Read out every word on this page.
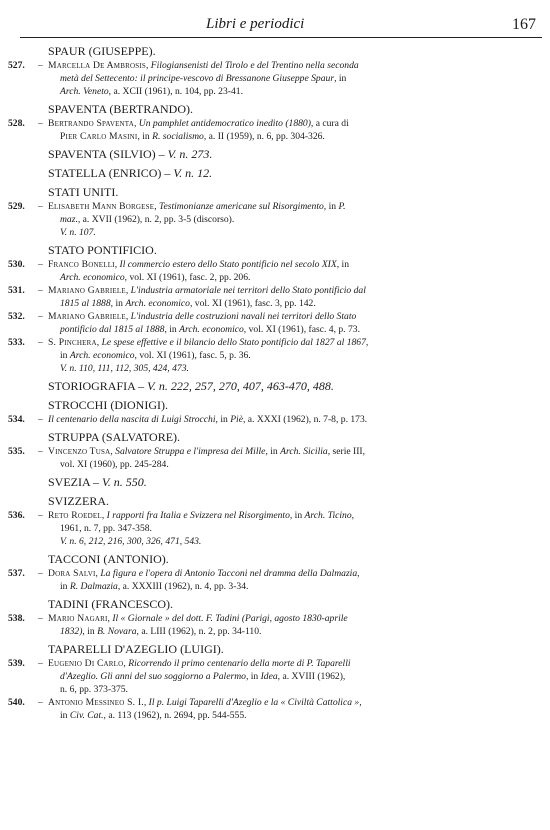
Libri e periodici	167
SPAUR (GIUSEPPE).
527. – Marcella De Ambrosis, Filogiansenisti del Tirolo e del Trentino nella seconda
metà del Settecento: il principe-vescovo di Bressanone Giuseppe Spaur, in
Arch. Veneto, a. XCII (1961), n. 104, pp. 23-41.
SPAVENTA (BERTRANDO).
528. – Bertrando Spaventa, Un pamphlet antidemocratico inedito (1880), a cura di
Pier Carlo Masini, in R. socialismo, a. II (1959), n. 6, pp. 304-326.
SPAVENTA (SILVIO) – V. n. 273.
STATELLA (ENRICO) – V. n. 12.
STATI UNITI.
529. – Elisabeth Mann Borgese, Testimonianze americane sul Risorgimento, in P.
maz., a. XVII (1962), n. 2, pp. 3-5 (discorso).
V. n. 107.
STATO PONTIFICIO.
530. – Franco Bonelli, Il commercio estero dello Stato pontificio nel secolo XIX, in
Arch. economico, vol. XI (1961), fasc. 2, pp. 206.
531. – Mariano Gabriele, L'industria armatoriale nei territori dello Stato pontificio dal
1815 al 1888, in Arch. economico, vol. XI (1961), fasc. 3, pp. 142.
532. – Mariano Gabriele, L'industria delle costruzioni navali nei territori dello Stato
pontificio dal 1815 al 1888, in Arch. economico, vol. XI (1961), fasc. 4, p. 73.
533. – S. Pinchera, Le spese effettive e il bilancio dello Stato pontificio dal 1827 al 1867,
in Arch. economico, vol. XI (1961), fasc. 5, p. 36.
V. n. 110, 111, 112, 305, 424, 473.
STORIOGRAFIA – V. n. 222, 257, 270, 407, 463-470, 488.
STROCCHI (DIONIGI).
534. – Il centenario della nascita di Luigi Strocchi, in Piè, a. XXXI (1962), n. 7-8, p. 173.
STRUPPA (SALVATORE).
535. – Vincenzo Tusa, Salvatore Struppa e l'impresa dei Mille, in Arch. Sicilia, serie III,
vol. XI (1960), pp. 245-284.
SVEZIA – V. n. 550.
SVIZZERA.
536. – Reto Roedel, I rapporti fra Italia e Svizzera nel Risorgimento, in Arch. Ticino,
1961, n. 7, pp. 347-358.
V. n. 6, 212, 216, 300, 326, 471, 543.
TACCONI (ANTONIO).
537. – Dora Salvi, La figura e l'opera di Antonio Tacconi nel dramma della Dalmazia,
in R. Dalmazia, a. XXXIII (1962), n. 4, pp. 3-34.
TADINI (FRANCESCO).
538. – Mario Nagari, Il « Giornale » del dott. F. Tadini (Parigi, agosto 1830-aprile
1832), in B. Novara, a. LIII (1962), n. 2, pp. 34-110.
TAPARELLI D'AZEGLIO (LUIGI).
539. – Eugenio Di Carlo, Ricorrendo il primo centenario della morte di P. Taparelli
d'Azeglio. Gli anni del suo soggiorno a Palermo, in Idea, a. XVIII (1962),
n. 6, pp. 373-375.
540. – Antonio Messineo S. I., Il p. Luigi Taparelli d'Azeglio e la « Civiltà Cattolica »,
in Civ. Cat., a. 113 (1962), n. 2694, pp. 544-555.
